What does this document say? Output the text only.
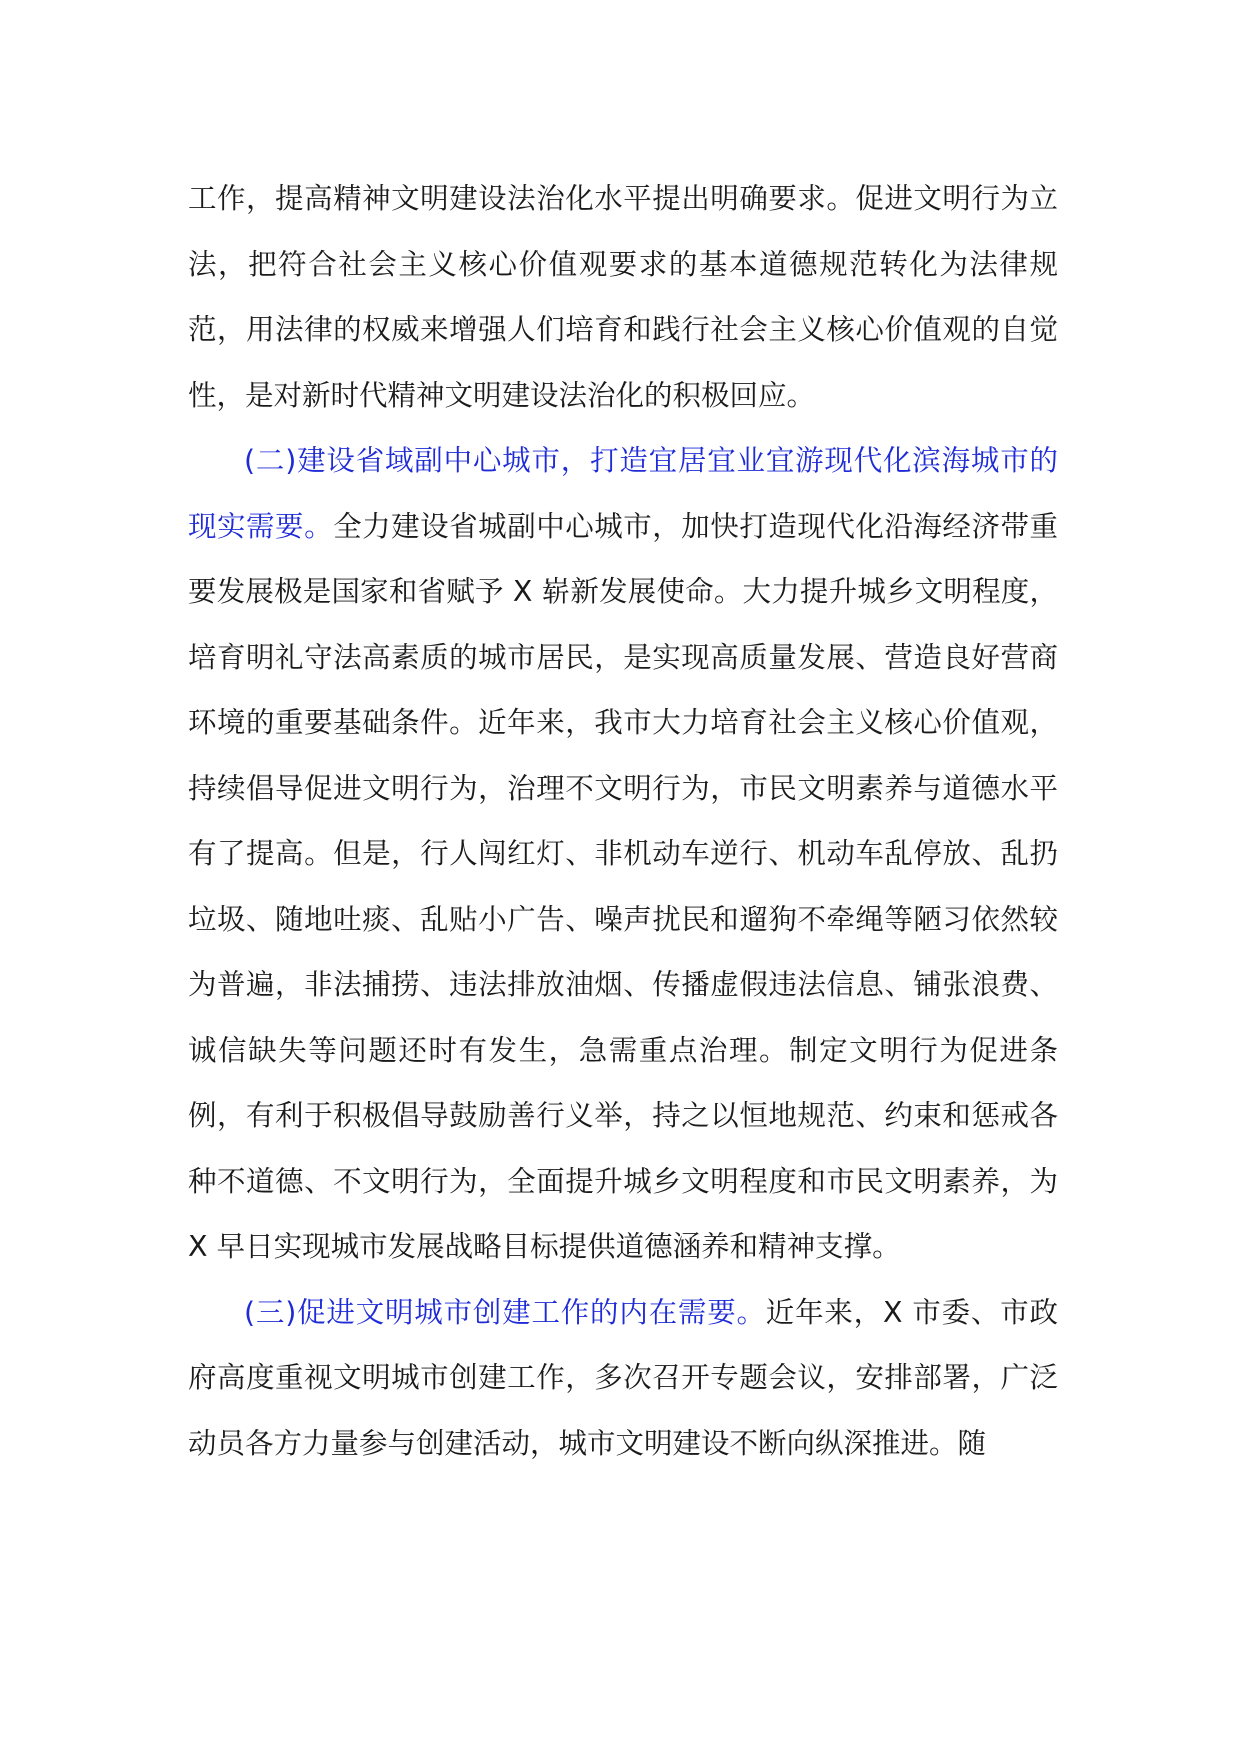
工作，提高精神文明建设法治化水平提出明确要求。促进文明行为立法，把符合社会主义核心价值观要求的基本道德规范转化为法律规范，用法律的权威来增强人们培育和践行社会主义核心价值观的自觉性，是对新时代精神文明建设法治化的积极回应。

(二)建设省域副中心城市，打造宜居宜业宜游现代化滨海城市的现实需要。全力建设省城副中心城市，加快打造现代化沿海经济带重要发展极是国家和省赋予 X 崭新发展使命。大力提升城乡文明程度，培育明礼守法高素质的城市居民，是实现高质量发展、营造良好营商环境的重要基础条件。近年来，我市大力培育社会主义核心价值观，持续倡导促进文明行为，治理不文明行为，市民文明素养与道德水平有了提高。但是，行人闯红灯、非机动车逆行、机动车乱停放、乱扔垃圾、随地吐痰、乱贴小广告、噪声扰民和遛狗不牵绳等陋习依然较为普遍，非法捕捞、违法排放油烟、传播虚假违法信息、铺张浪费、诚信缺失等问题还时有发生，急需重点治理。制定文明行为促进条例，有利于积极倡导鼓励善行义举，持之以恒地规范、约束和惩戒各种不道德、不文明行为，全面提升城乡文明程度和市民文明素养，为 X 早日实现城市发展战略目标提供道德涵养和精神支撑。

(三)促进文明城市创建工作的内在需要。近年来，X 市委、市政府高度重视文明城市创建工作，多次召开专题会议，安排部署，广泛动员各方力量参与创建活动，城市文明建设不断向纵深推进。随
